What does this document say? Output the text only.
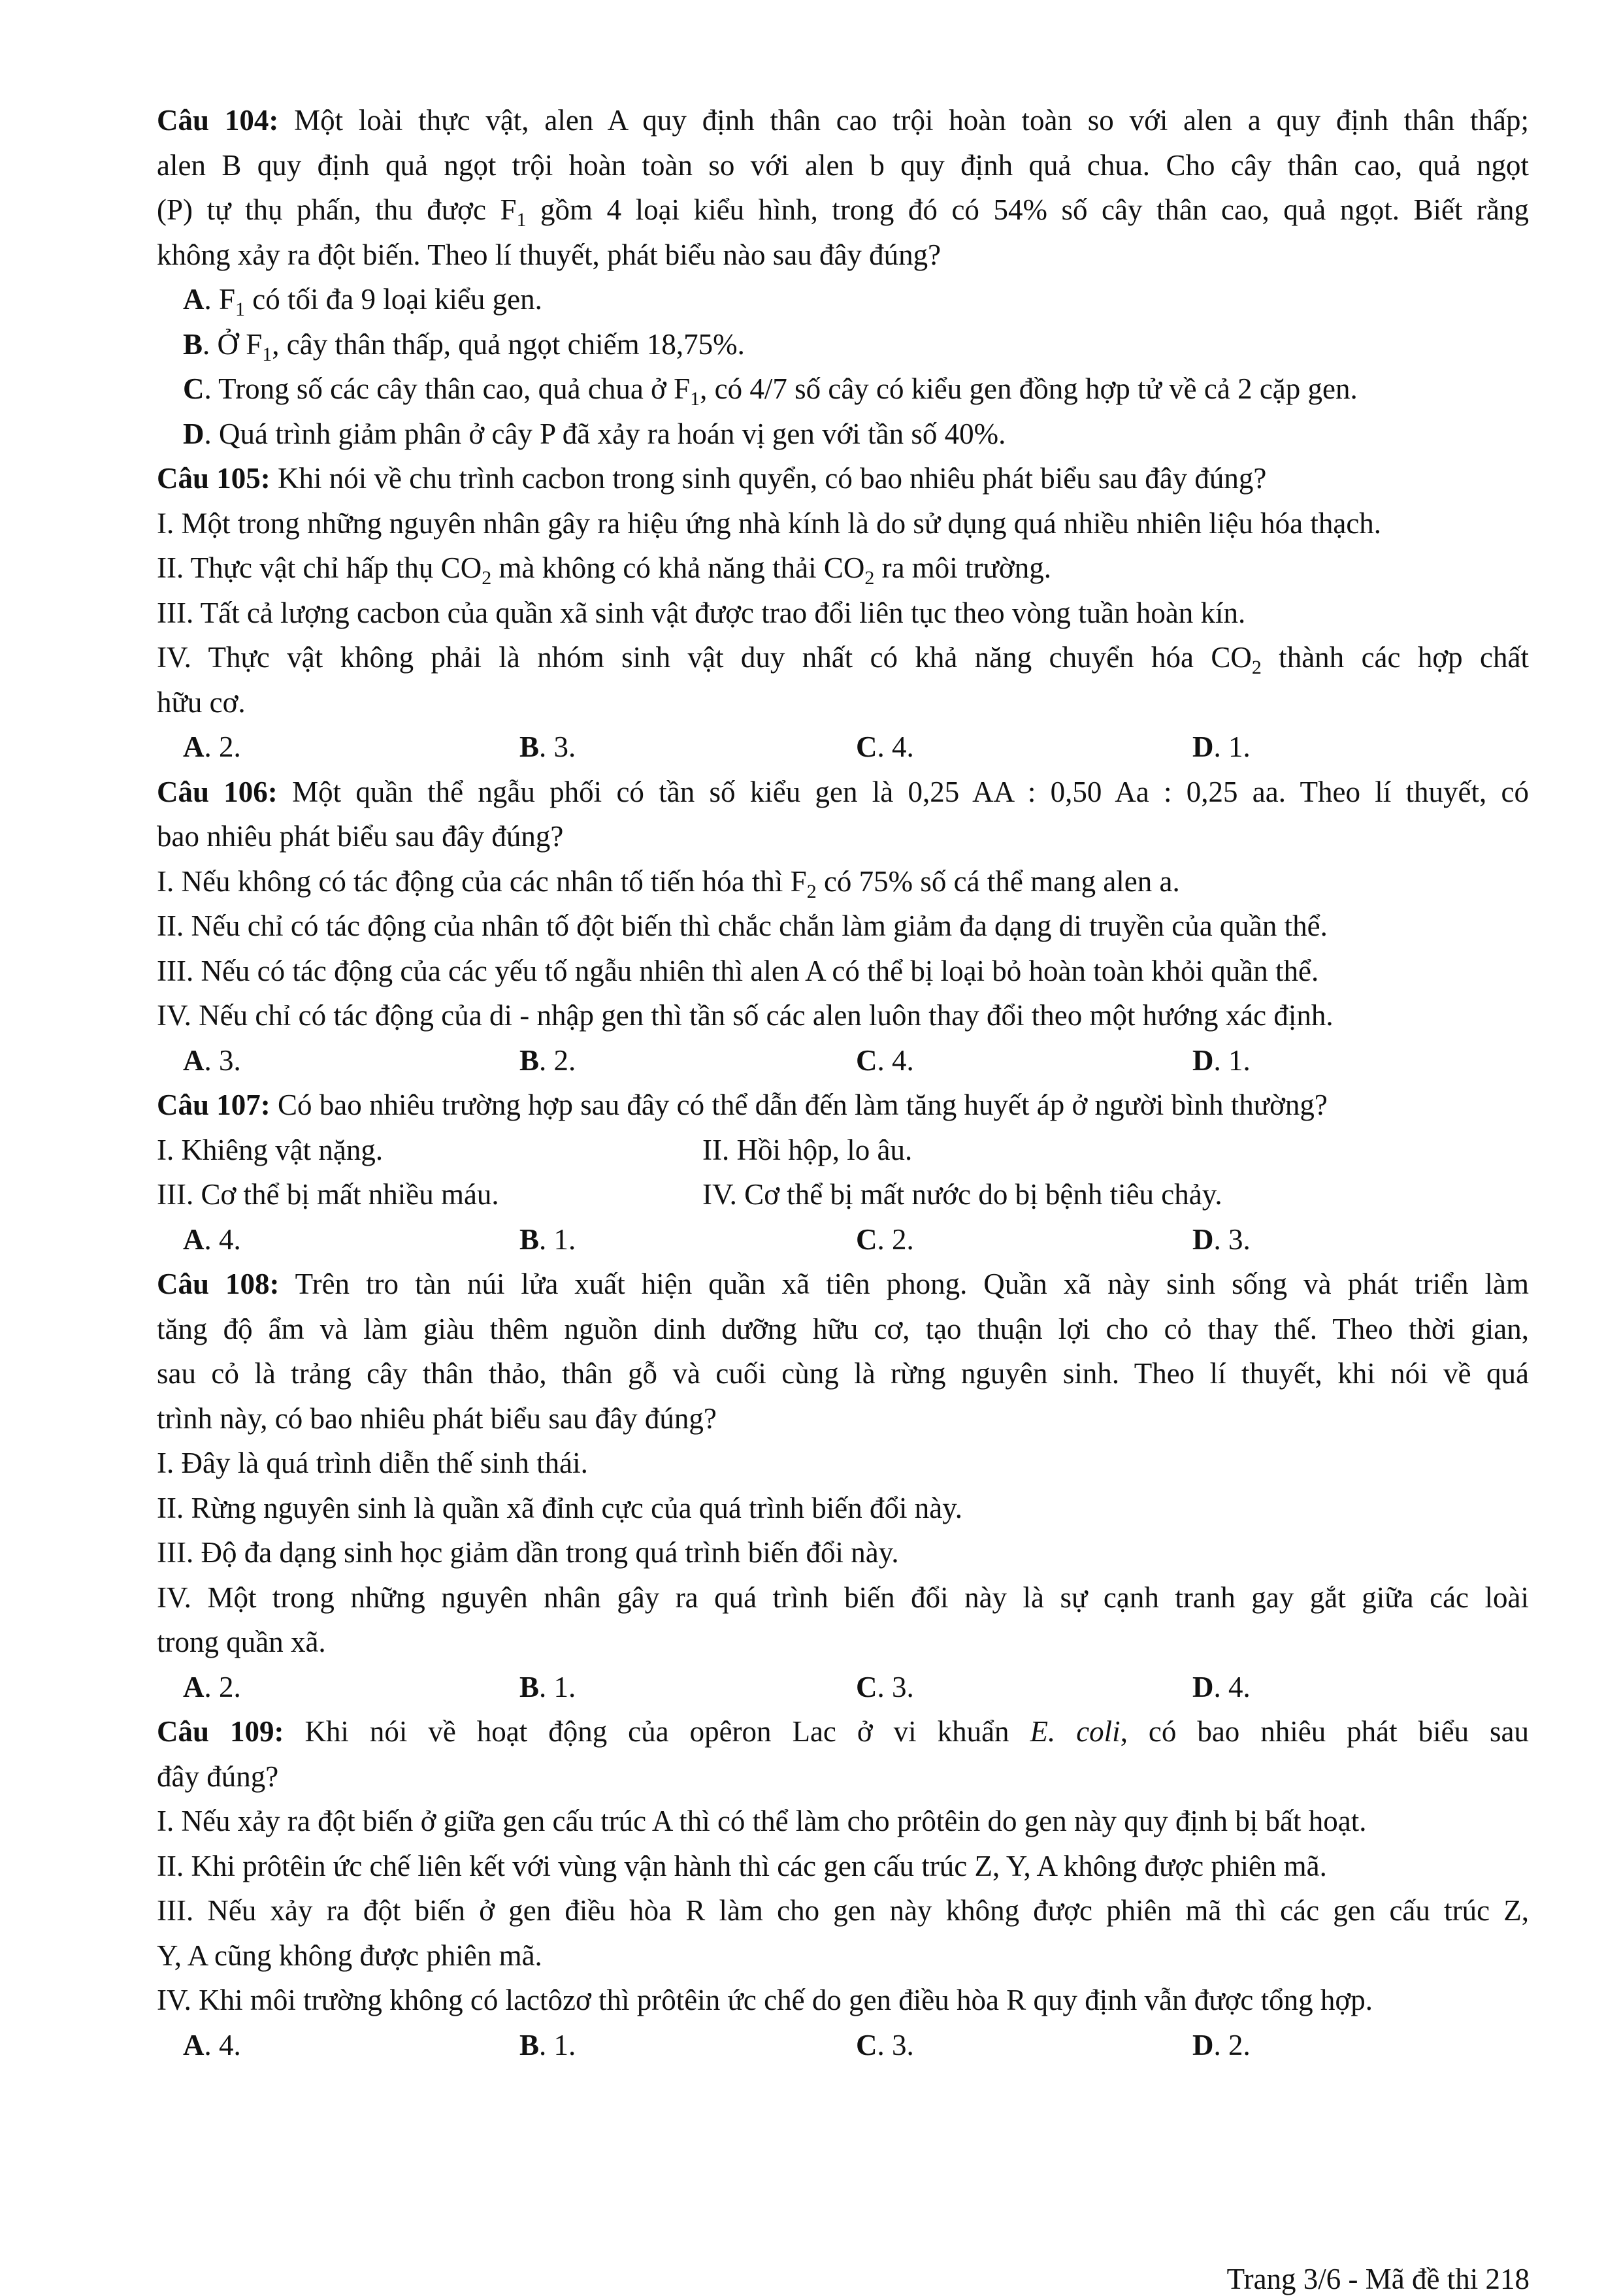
Câu 104: Một loài thực vật, alen A quy định thân cao trội hoàn toàn so với alen a quy định thân thấp;
alen B quy định quả ngọt trội hoàn toàn so với alen b quy định quả chua. Cho cây thân cao, quả ngọt
(P) tự thụ phấn, thu được $F_1$ gồm 4 loại kiểu hình, trong đó có 54% số cây thân cao, quả ngọt. Biết rằng
không xảy ra đột biến. Theo lí thuyết, phát biểu nào sau đây đúng?
A. $F_1$ có tối đa 9 loại kiểu gen.
B. Ở $F_1$, cây thân thấp, quả ngọt chiếm 18,75%.
C. Trong số các cây thân cao, quả chua ở $F_1$, có 4/7 số cây có kiểu gen đồng hợp tử về cả 2 cặp gen.
D. Quá trình giảm phân ở cây P đã xảy ra hoán vị gen với tần số 40%.
Câu 105: Khi nói về chu trình cacbon trong sinh quyển, có bao nhiêu phát biểu sau đây đúng?
I. Một trong những nguyên nhân gây ra hiệu ứng nhà kính là do sử dụng quá nhiều nhiên liệu hóa thạch.
II. Thực vật chỉ hấp thụ $CO_2$ mà không có khả năng thải $CO_2$ ra môi trường.
III. Tất cả lượng cacbon của quần xã sinh vật được trao đổi liên tục theo vòng tuần hoàn kín.
IV. Thực vật không phải là nhóm sinh vật duy nhất có khả năng chuyển hóa $CO_2$ thành các hợp chất
hữu cơ.
A. 2.	B. 3.	C. 4.	D. 1.
Câu 106: Một quần thể ngẫu phối có tần số kiểu gen là 0,25 AA : 0,50 Aa : 0,25 aa. Theo lí thuyết, có
bao nhiêu phát biểu sau đây đúng?
I. Nếu không có tác động của các nhân tố tiến hóa thì $F_2$ có 75% số cá thể mang alen a.
II. Nếu chỉ có tác động của nhân tố đột biến thì chắc chắn làm giảm đa dạng di truyền của quần thể.
III. Nếu có tác động của các yếu tố ngẫu nhiên thì alen A có thể bị loại bỏ hoàn toàn khỏi quần thể.
IV. Nếu chỉ có tác động của di - nhập gen thì tần số các alen luôn thay đổi theo một hướng xác định.
A. 3.	B. 2.	C. 4.	D. 1.
Câu 107: Có bao nhiêu trường hợp sau đây có thể dẫn đến làm tăng huyết áp ở người bình thường?
I. Khiêng vật nặng.	II. Hồi hộp, lo âu.
III. Cơ thể bị mất nhiều máu.	IV. Cơ thể bị mất nước do bị bệnh tiêu chảy.
A. 4.	B. 1.	C. 2.	D. 3.
Câu 108: Trên tro tàn núi lửa xuất hiện quần xã tiên phong. Quần xã này sinh sống và phát triển làm
tăng độ ẩm và làm giàu thêm nguồn dinh dưỡng hữu cơ, tạo thuận lợi cho cỏ thay thế. Theo thời gian,
sau cỏ là trảng cây thân thảo, thân gỗ và cuối cùng là rừng nguyên sinh. Theo lí thuyết, khi nói về quá
trình này, có bao nhiêu phát biểu sau đây đúng?
I. Đây là quá trình diễn thế sinh thái.
II. Rừng nguyên sinh là quần xã đỉnh cực của quá trình biến đổi này.
III. Độ đa dạng sinh học giảm dần trong quá trình biến đổi này.
IV. Một trong những nguyên nhân gây ra quá trình biến đổi này là sự cạnh tranh gay gắt giữa các loài
trong quần xã.
A. 2.	B. 1.	C. 3.	D. 4.
Câu 109: Khi nói về hoạt động của opêron Lac ở vi khuẩn E. coli, có bao nhiêu phát biểu sau
đây đúng?
I. Nếu xảy ra đột biến ở giữa gen cấu trúc A thì có thể làm cho prôtêin do gen này quy định bị bất hoạt.
II. Khi prôtêin ức chế liên kết với vùng vận hành thì các gen cấu trúc Z, Y, A không được phiên mã.
III. Nếu xảy ra đột biến ở gen điều hòa R làm cho gen này không được phiên mã thì các gen cấu trúc Z,
Y, A cũng không được phiên mã.
IV. Khi môi trường không có lactôzơ thì prôtêin ức chế do gen điều hòa R quy định vẫn được tổng hợp.
A. 4.	B. 1.	C. 3.	D. 2.
Trang 3/6 - Mã đề thi 218
